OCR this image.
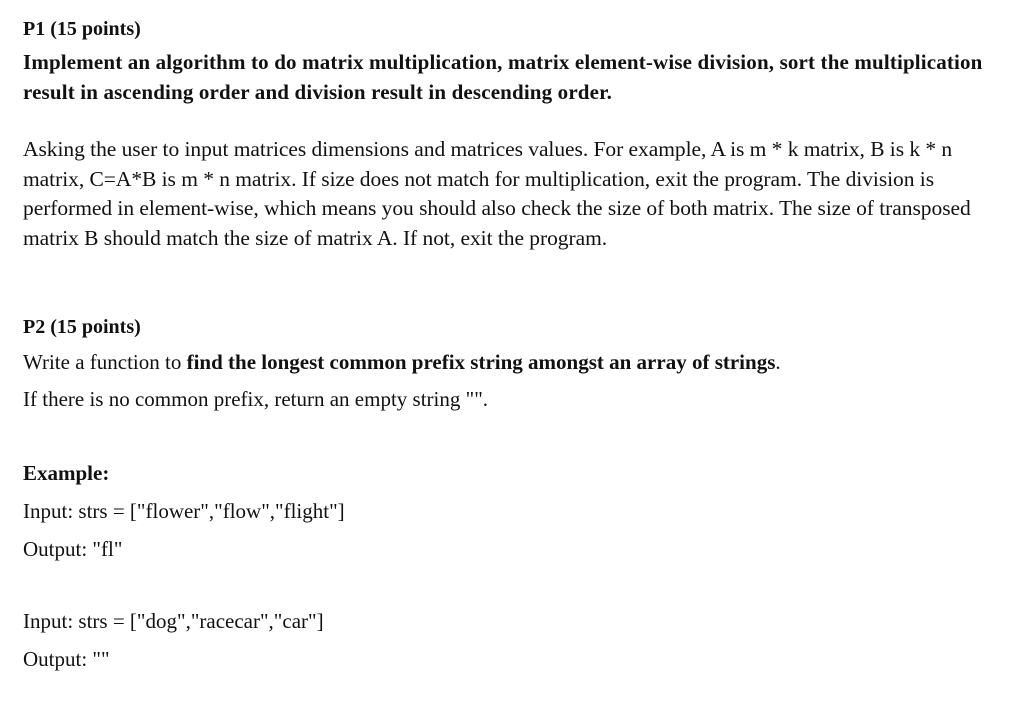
P1 (15 points)
Implement an algorithm to do matrix multiplication, matrix element-wise division, sort the multiplication result in ascending order and division result in descending order.
Asking the user to input matrices dimensions and matrices values. For example, A is m * k matrix, B is k * n matrix, C=A*B is m * n matrix. If size does not match for multiplication, exit the program. The division is performed in element-wise, which means you should also check the size of both matrix. The size of transposed matrix B should match the size of matrix A. If not, exit the program.
P2 (15 points)
Write a function to find the longest common prefix string amongst an array of strings.
If there is no common prefix, return an empty string "".
Example:
Input: strs = ["flower","flow","flight"]
Output: "fl"
Input: strs = ["dog","racecar","car"]
Output: ""
